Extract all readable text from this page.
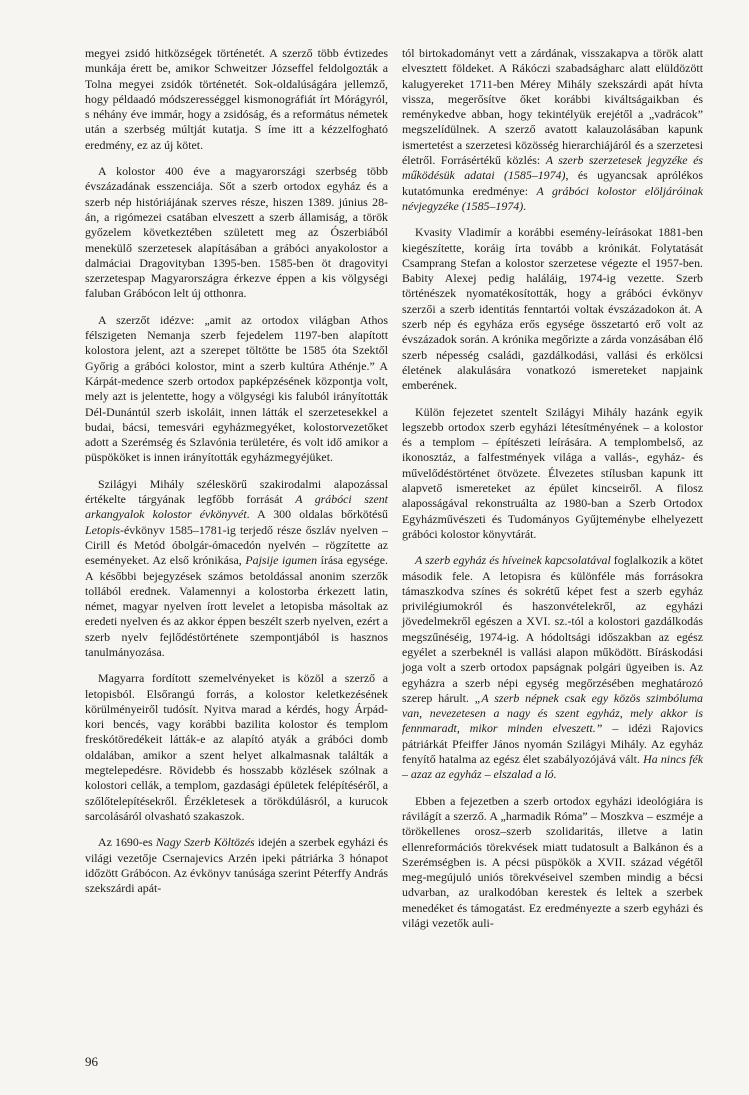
megyei zsidó hitközségek történetét. A szerző több évtizedes munkája érett be, amikor Schweitzer Józseffel feldolgozták a Tolna megyei zsidók történetét. Sok-oldalúságára jellemző, hogy példaadó módszerességgel kismonográfiát írt Mórágyról, s néhány éve immár, hogy a zsidóság, és a református németek után a szerbség múltját kutatja. S íme itt a kézzelfogható eredmény, ez az új kötet.

A kolostor 400 éve a magyarországi szerbség több évszázadának esszenciája. Sőt a szerb ortodox egyház és a szerb nép históriájának szerves része, hiszen 1389. június 28-án, a rigómezei csatában elveszett a szerb államiság, a török győzelem következtében született meg az Ószerbiából menekülő szerzetesek alapításában a grábóci anyakolostor a dalmáciai Dragovityban 1395-ben. 1585-ben öt dragovityi szerzetespap Magyarországra érkezve éppen a kis völgységi faluban Grábócon lelt új otthonra.

A szerzőt idézve: „amit az ortodox világban Athos félszigeten Nemanja szerb fejedelem 1197-ben alapított kolostora jelent, azt a szerepet töltötte be 1585 óta Szektől Győrig a grábóci kolostor, mint a szerb kultúra Athénje.” A Kárpát-medence szerb ortodox papképzésének központja volt, mely azt is jelentette, hogy a völgységi kis faluból irányították Dél-Dunántúl szerb iskoláit, innen látták el szerzetesekkel a budai, bácsi, temesvári egyházmegyéket, kolostorvezetőket adott a Szerémség és Szlavónia területére, és volt idő amikor a püspököket is innen irányították egyházmegyéjüket.

Szilágyi Mihály széleskörű szakirodalmi alapozással értékelte tárgyának legfőbb forrását A grábóci szent arkangyalok kolostor évkönyvét. A 300 oldalas bőrkötésű Letopis-évkönyv 1585–1781-ig terjedő része őszláv nyelven – Cirill és Metód óbolgár-ómacedón nyelvén – rögzítette az eseményeket. Az első krónikása, Pajsije igumen írása egysége. A későbbi bejegyzések számos betoldással anonim szerzők tollából erednek. Valamennyi a kolostorba érkezett latin, német, magyar nyelven írott levelet a letopisba másoltak az eredeti nyelven és az akkor éppen beszélt szerb nyelven, ezért a szerb nyelv fejlődéstörténete szempontjából is hasznos tanulmányozása.

Magyarra fordított szemelvényeket is közöl a szerző a letopisból. Elsőrangú forrás, a kolostor keletkezésének körülményeiről tudósít. Nyitva marad a kérdés, hogy Árpád-kori bencés, vagy korábbi bazilita kolostor és templom freskótöredékeit látták-e az alapító atyák a grábóci domb oldalában, amikor a szent helyet alkalmasnak találták a megtelepedésre. Rövidebb és hosszabb közlések szólnak a kolostori cellák, a templom, gazdasági épületek felépítéséről, a szőlőtelepítésekről. Érzékletesek a törökdúlásról, a kurucok sarcolásáról olvasható szakaszok.

Az 1690-es Nagy Szerb Költözés idején a szerbek egyházi és világi vezetője Csernajevics Arzén ipeki pátriárka 3 hónapot időzött Grábócon. Az évkönyv tanúsága szerint Péterffy András szekszárdi apát-

tól birtokadományt vett a zárdának, visszakapva a török alatt elvesztett földeket. A Rákóczi szabadságharc alatt elüldözött kalugyereket 1711-ben Mérey Mihály szekszárdi apát hívta vissza, megerősítve őket korábbi kiváltságaikban és reménykedve abban, hogy tekintélyük erejétől a „vadrácok” megszelídülnek. A szerző avatott kalauzolásában kapunk ismertetést a szerzetesi közösség hierarchiájáról és a szerzetesi életről. Forrásértékű közlés: A szerb szerzetesek jegyzéke és működésük adatai (1585–1974), és ugyancsak aprólékos kutatómunka eredménye: A grábóci kolostor elöljáróinak névjegyzéke (1585–1974).

Kvasity Vladimír a korábbi esemény-leírásokat 1881-ben kiegészítette, koráig írta tovább a krónikát. Folytatását Csamprang Stefan a kolostor szerzetese végezte el 1957-ben. Babity Alexej pedig haláláig, 1974-ig vezette. Szerb történészek nyomatékosították, hogy a grábóci évkönyv szerzői a szerb identitás fenntartói voltak évszázadokon át. A szerb nép és egyháza erős egysége összetartó erő volt az évszázadok során. A krónika megőrizte a zárda vonzásában élő szerb népesség családi, gazdálkodási, vallási és erkölcsi életének alakulására vonatkozó ismereteket napjaink emberének.

Külön fejezetet szentelt Szilágyi Mihály hazánk egyik legszebb ortodox szerb egyházi létesítményének – a kolostor és a templom – építészeti leírására. A templombelső, az ikonosztáz, a falfestmények világa a vallás-, egyház- és művelődéstörténet ötvözete. Élvezetes stílusban kapunk itt alapvető ismereteket az épület kincseiről. A filosz alaposságával rekonstruálta az 1980-ban a Szerb Ortodox Egyházművészeti és Tudományos Gyűjteménybe elhelyezett grábóci kolostor könyvtárát.

A szerb egyház és híveinek kapcsolatával foglalkozik a kötet második fele. A letopisra és különféle más forrásokra támaszkodva színes és sokrétű képet fest a szerb egyház privilégiumokról és haszonvételekről, az egyházi jövedelmekről egészen a XVI. sz.-tól a kolostori gazdálkodás megszűnéséig, 1974-ig. A hódoltsági időszakban az egész egyélet a szerbeknél is vallási alapon működött. Bíráskodási joga volt a szerb ortodox papságnak polgári ügyeiben is. Az egyházra a szerb népi egység megőrzésében meghatározó szerep hárult. „A szerb népnek csak egy közös szimbóluma van, nevezetesen a nagy és szent egyház, mely akkor is fennmaradt, mikor minden elveszett.” – idézi Rajovics pátriárkát Pfeiffer János nyomán Szilágyi Mihály. Az egyház fenyítő hatalma az egész élet szabályozójává vált. Ha nincs fék – azaz az egyház – elszalad a ló.

Ebben a fejezetben a szerb ortodox egyházi ideológiára is rávilágít a szerző. A „harmadik Róma” – Moszkva – eszméje a törökellenes orosz–szerb szolidaritás, illetve a latin ellenreformációs törekvések miatt tudatosult a Balkánon és a Szerémségben is. A pécsi püspökök a XVII. század végétől meg-megújuló uniós törekvéseivel szemben mindig a bécsi udvarban, az uralkodóban kerestek és leltek a szerbek menedéket és támogatást. Ez eredményezte a szerb egyházi és világi vezetők auli-

96
